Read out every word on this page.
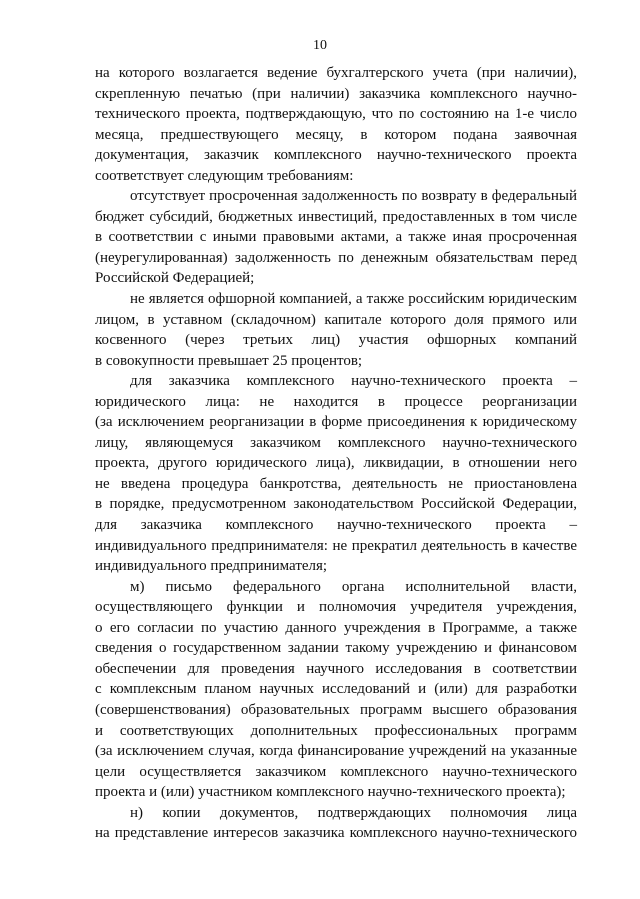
10
на которого возлагается ведение бухгалтерского учета (при наличии),
скрепленную печатью (при наличии) заказчика комплексного научно-
технического проекта, подтверждающую, что по состоянию на 1-е число
месяца, предшествующего месяцу, в котором подана заявочная
документация, заказчик комплексного научно-технического проекта
соответствует следующим требованиям:
отсутствует просроченная задолженность по возврату в федеральный
бюджет субсидий, бюджетных инвестиций, предоставленных в том числе
в соответствии с иными правовыми актами, а также иная просроченная
(неурегулированная) задолженность по денежным обязательствам перед
Российской Федерацией;
не является офшорной компанией, а также российским юридическим
лицом, в уставном (складочном) капитале которого доля прямого или
косвенного (через третьих лиц) участия офшорных компаний
в совокупности превышает 25 процентов;
для заказчика комплексного научно-технического проекта –
юридического лица: не находится в процессе реорганизации
(за исключением реорганизации в форме присоединения к юридическому
лицу, являющемуся заказчиком комплексного научно-технического
проекта, другого юридического лица), ликвидации, в отношении него
не введена процедура банкротства, деятельность не приостановлена
в порядке, предусмотренном законодательством Российской Федерации,
для заказчика комплексного научно-технического проекта –
индивидуального предпринимателя: не прекратил деятельность в качестве
индивидуального предпринимателя;
м) письмо федерального органа исполнительной власти,
осуществляющего функции и полномочия учредителя учреждения,
о его согласии по участию данного учреждения в Программе, а также
сведения о государственном задании такому учреждению и финансовом
обеспечении для проведения научного исследования в соответствии
с комплексным планом научных исследований и (или) для разработки
(совершенствования) образовательных программ высшего образования
и соответствующих дополнительных профессиональных программ
(за исключением случая, когда финансирование учреждений на указанные
цели осуществляется заказчиком комплексного научно-технического
проекта и (или) участником комплексного научно-технического проекта);
н) копии документов, подтверждающих полномочия лица
на представление интересов заказчика комплексного научно-технического
